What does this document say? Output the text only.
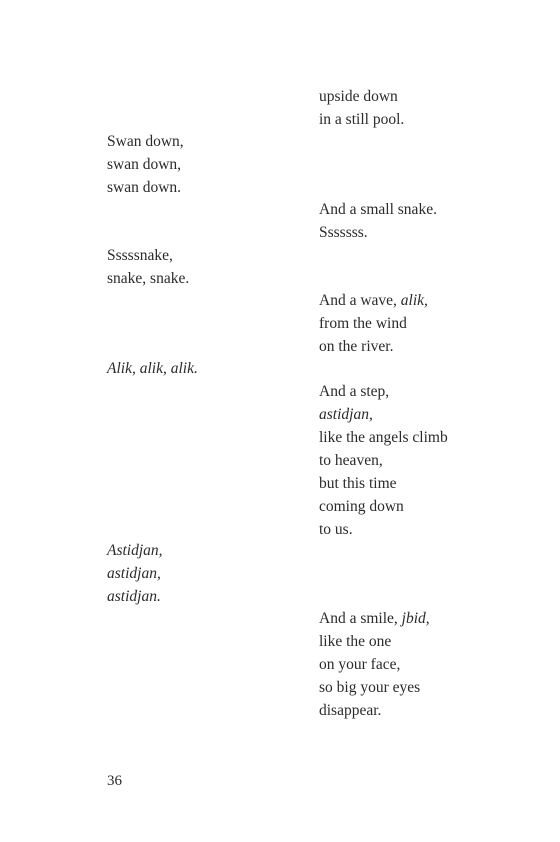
upside down
in a still pool.
Swan down,
swan down,
swan down.
And a small snake.
Sssssss.
Sssssnake,
snake, snake.
And a wave, alik,
from the wind
on the river.
Alik, alik, alik.
And a step,
astidjan,
like the angels climb
to heaven,
but this time
coming down
to us.
Astidjan,
astidjan,
astidjan.
And a smile, jbid,
like the one
on your face,
so big your eyes
disappear.
36
